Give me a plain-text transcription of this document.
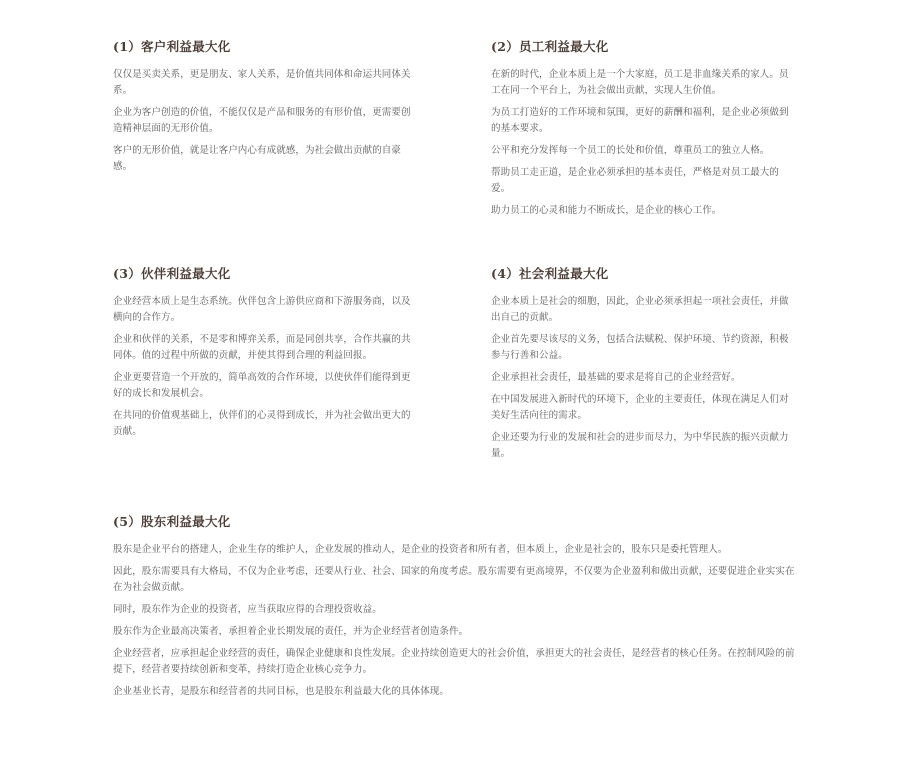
(1）客户利益最大化

仅仅是买卖关系，更是朋友、家人关系，是价值共同体和命运共同体关系。

企业为客户创造的价值，不能仅仅是产品和服务的有形价值，更需要创造精神层面的无形价值。

客户的无形价值，就是让客户内心有成就感，为社会做出贡献的自豪感。

(2）员工利益最大化

在新的时代，企业本质上是一个大家庭，员工是非血缘关系的家人。员工在同一个平台上，为社会做出贡献，实现人生价值。

为员工打造好的工作环境和氛围，更好的薪酬和福利，是企业必须做到的基本要求。

公平和充分发挥每一个员工的长处和价值，尊重员工的独立人格。

帮助员工走正道，是企业必须承担的基本责任，严格是对员工最大的爱。

助力员工的心灵和能力不断成长，是企业的核心工作。

(3）伙伴利益最大化

企业经营本质上是生态系统。伙伴包含上游供应商和下游服务商，以及横向的合作方。

企业和伙伴的关系，不是零和博弈关系，而是同创共享，合作共赢的共同体。值的过程中所做的贡献，并使其得到合理的利益回报。

企业更要营造一个开放的，简单高效的合作环境，以使伙伴们能得到更好的成长和发展机会。

在共同的价值观基础上，伙伴们的心灵得到成长，并为社会做出更大的贡献。

(4）社会利益最大化

企业本质上是社会的细胞，因此，企业必须承担起一项社会责任，并做出自己的贡献。

企业首先要尽该尽的义务，包括合法赋税、保护环境、节约资源，积极参与行善和公益。

企业承担社会责任，最基础的要求是将自己的企业经营好。

在中国发展进入新时代的环境下，企业的主要责任，体现在满足人们对美好生活向往的需求。

企业还要为行业的发展和社会的进步而尽力，为中华民族的振兴贡献力量。

(5）股东利益最大化

股东是企业平台的搭建人，企业生存的维护人，企业发展的推动人，是企业的投资者和所有者，但本质上，企业是社会的，股东只是委托管理人。

因此，股东需要具有大格局，不仅为企业考虑，还要从行业、社会、国家的角度考虑。股东需要有更高境界，不仅要为企业盈利和做出贡献，还要促进企业实实在在为社会做贡献。

同时，股东作为企业的投资者，应当获取应得的合理投资收益。

股东作为企业最高决策者，承担着企业长期发展的责任，并为企业经营者创造条件。

企业经营者，应承担起企业经营的责任，确保企业健康和良性发展。企业持续创造更大的社会价值，承担更大的社会责任，是经营者的核心任务。在控制风险的前提下，经营者要持续创新和变革，持续打造企业核心竞争力。

企业基业长青，是股东和经营者的共同目标，也是股东利益最大化的具体体现。
